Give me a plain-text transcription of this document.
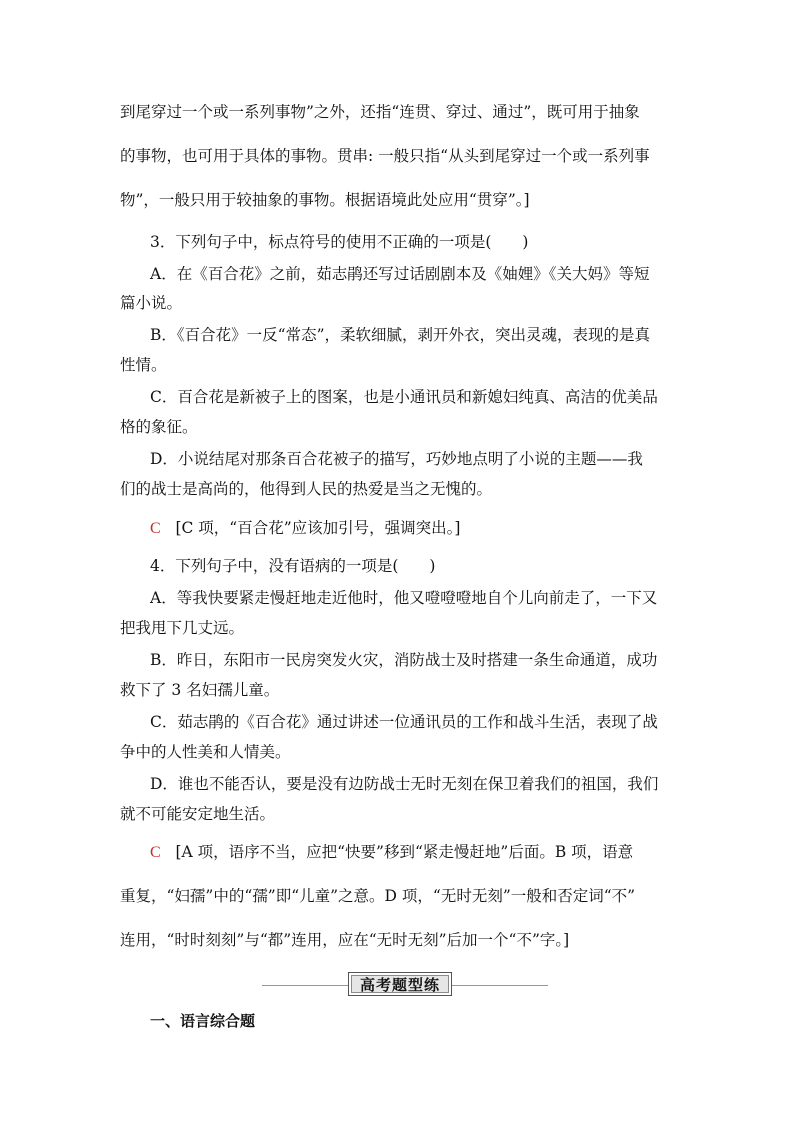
到尾穿过一个或一系列事物”之外，还指“连贯、穿过、通过”，既可用于抽象
的事物，也可用于具体的事物。贯串: 一般只指“从头到尾穿过一个或一系列事
物”，一般只用于较抽象的事物。根据语境此处应用“贯穿”。]
3．下列句子中，标点符号的使用不正确的一项是(　　)
A．在《百合花》之前，茹志鹃还写过话剧剧本及《妯娌》《关大妈》等短
篇小说。
B．《百合花》一反“常态”，柔软细腻，剥开外衣，突出灵魂，表现的是真
性情。
C．百合花是新被子上的图案，也是小通讯员和新媳妇纯真、高洁的优美品
格的象征。
D．小说结尾对那条百合花被子的描写，巧妙地点明了小说的主题——我
们的战士是高尚的，他得到人民的热爱是当之无愧的。
C [C 项，“百合花”应该加引号，强调突出。]
4．下列句子中，没有语病的一项是(　　)
A．等我快要紧走慢赶地走近他时，他又噔噔噔地自个儿向前走了，一下又
把我甩下几丈远。
B．昨日，东阳市一民房突发火灾，消防战士及时搭建一条生命通道，成功
救下了 3 名妇孺儿童。
C．茹志鹃的《百合花》通过讲述一位通讯员的工作和战斗生活，表现了战
争中的人性美和人情美。
D．谁也不能否认，要是没有边防战士无时无刻在保卫着我们的祖国，我们
就不可能安定地生活。
C [A 项，语序不当，应把“快要”移到“紧走慢赶地”后面。B 项，语意
重复，“妇孺”中的“孺”即“儿童”之意。D 项，“无时无刻”一般和否定词“不”
连用，“时时刻刻”与“都”连用，应在“无时无刻”后加一个“不”字。]
高考题型练
一、语言综合题
